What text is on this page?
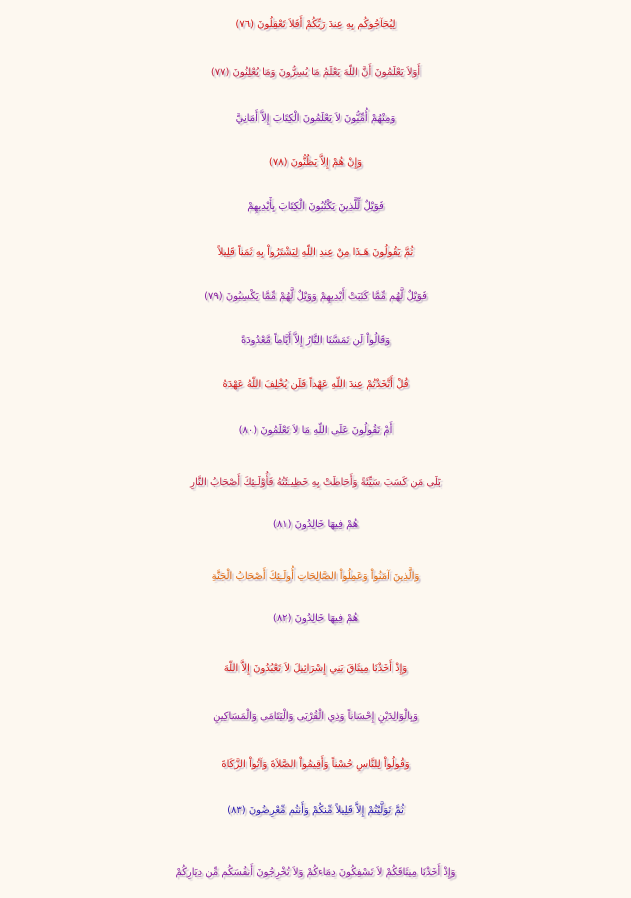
لِيُحَآجُوكُم بِهِ عِندَ رَبِّكُمْ أَفَلاَ تَعْقِلُونَ (٧٦)
أَوَلاَ يَعْلَمُونَ أَنَّ اللّهَ يَعْلَمُ مَا يُسِرُّونَ وَمَا يُعْلِنُونَ (٧٧)
وَمِنْهُمْ أُمِّيُّونَ لاَ يَعْلَمُونَ الْكِتَابَ إِلاَّ أَمَانِيَّ
وَإِنْ هُمْ إِلاَّ يَظُنُّونَ (٧٨)
فَوَيْلٌ لِّلَّذِينَ يَكْتُبُونَ الْكِتَابَ بِأَيْدِيهِمْ
ثُمَّ يَقُولُونَ هَـذَا مِنْ عِندِ اللّهِ لِيَشْتَرُواْ بِهِ ثَمَناً قَلِيلاً
فَوَيْلٌ لَّهُم مِّمَّا كَتَبَتْ أَيْدِيهِمْ وَوَيْلٌ لَّهُمْ مِّمَّا يَكْسِبُونَ (٧٩)
وَقَالُواْ لَن تَمَسَّنَا النَّارُ إِلاَّ أَيَّاماً مَّعْدُودَةً
قُلْ أَتَّخَذْتُمْ عِندَ اللّهِ عَهْداً فَلَن يُخْلِفَ اللّهُ عَهْدَهُ
أَمْ تَقُولُونَ عَلَى اللّهِ مَا لاَ تَعْلَمُونَ (٨٠)
بَلَى مَن كَسَبَ سَيِّئَةً وَأَحَاطَتْ بِهِ خَطِيـئَتُهُ فَأُوْلَـئِكَ أَصْحَابُ النَّارِ
هُمْ فِيهَا خَالِدُونَ (٨١)
وَالَّذِينَ آمَنُواْ وَعَمِلُواْ الصَّالِحَاتِ أُولَـئِكَ أَصْحَابُ الْجَنَّةِ
هُمْ فِيهَا خَالِدُونَ (٨٢)
وَإِذْ أَخَذْنَا مِيثَاقَ بَنِي إِسْرَائِيلَ لاَ تَعْبُدُونَ إِلاَّ اللّهَ
وَبِالْوَالِدَيْنِ إِحْسَاناً وَذِي الْقُرْبَى وَالْيَتَامَى وَالْمَسَاكِينِ
وَقُولُواْ لِلنَّاسِ حُسْناً وَأَقِيمُواْ الصَّلاَةَ وَآتُواْ الزَّكَاةَ
ثُمَّ تَوَلَّيْتُمْ إِلاَّ قَلِيلاً مِّنكُمْ وَأَنتُم مِّعْرِضُونَ (٨٣)
وَإِذْ أَخَذْنَا مِيثَاقَكُمْ لاَ تَسْفِكُونَ دِمَاءكُمْ وَلاَ تُخْرِجُونَ أَنفُسَكُم مِّن دِيَارِكُمْ
